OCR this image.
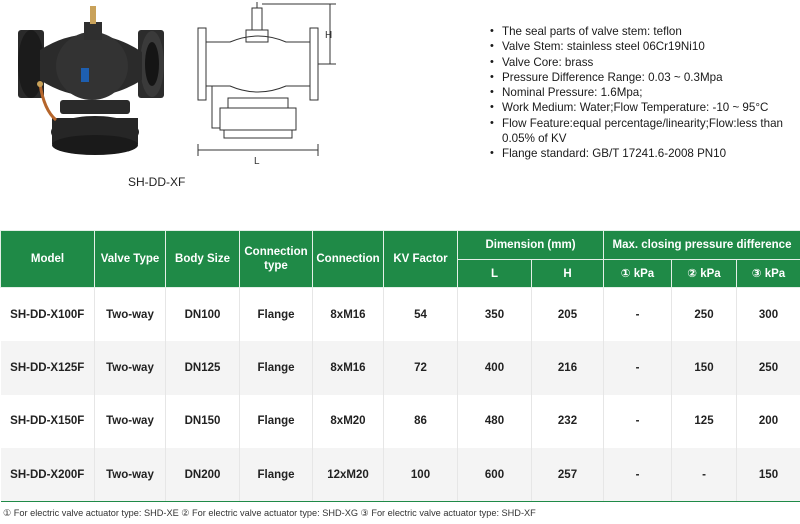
SH-DD-XF
H
L
• The seal parts of valve stem: teflon
• Valve Stem: stainless steel 06Cr19Ni10
• Valve Core: brass
• Pressure Difference Range: 0.03 ~ 0.3Mpa
• Nominal Pressure: 1.6Mpa;
• Work Medium: Water;Flow Temperature: -10 ~ 95°C
• Flow Feature:equal percentage/linearity;Flow:less than 0.05% of KV
• Flange standard: GB/T 17241.6-2008 PN10
Model	Valve Type	Body Size	Connection type	Connection	KV Factor	Dimension (mm)		Max. closing pressure difference		
						L	H	① kPa	② kPa	③ kPa
SH-DD-X100F	Two-way	DN100	Flange	8xM16	54	350	205	-	250	300
SH-DD-X125F	Two-way	DN125	Flange	8xM16	72	400	216	-	150	250
SH-DD-X150F	Two-way	DN150	Flange	8xM20	86	480	232	-	125	200
SH-DD-X200F	Two-way	DN200	Flange	12xM20	100	600	257	-	-	150
① For electric valve actuator type: SHD-XE ② For electric valve actuator type: SHD-XG ③ For electric valve actuator type: SHD-XF
